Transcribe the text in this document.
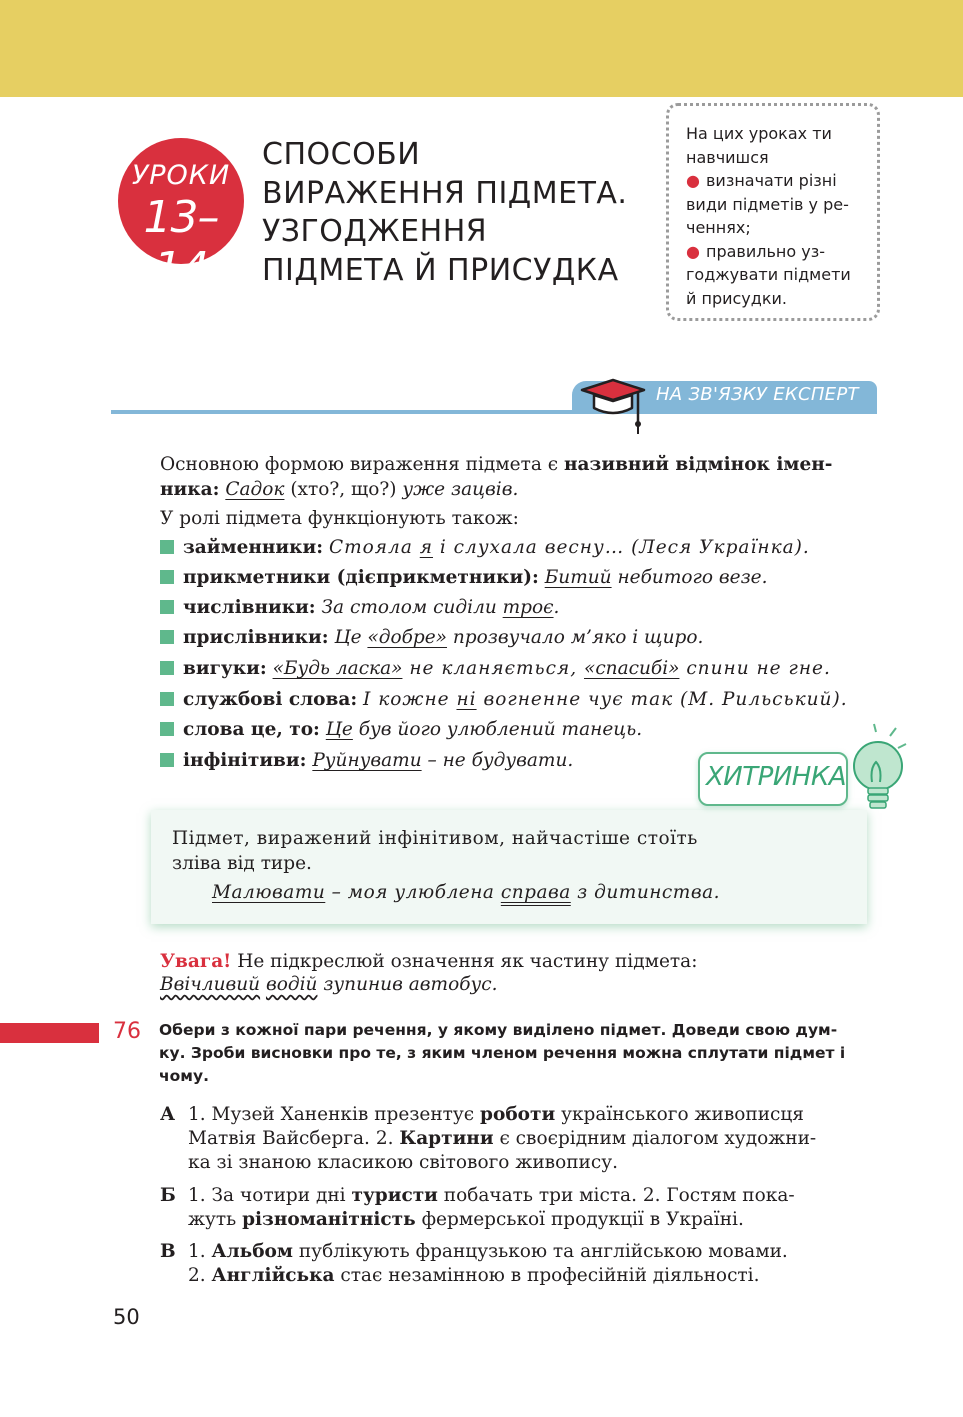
УРОКИ
13–14
СПОСОБИ
ВИРАЖЕННЯ ПІДМЕТА.
УЗГОДЖЕННЯ
ПІДМЕТА Й ПРИСУДКА
На цих уроках ти
навчишся
● визначати різні
види підметів у ре-
ченнях;
● правильно уз-
годжувати підмети
й присудки.
НА ЗВ'ЯЗКУ ЕКСПЕРТ
Основною формою вираження підмета є називний відмінок імен-
ника: Садок (хто?, що?) уже зацвів.
У ролі підмета функціонують також:
займенники: Стояла я і слухала весну… (Леся Українка).
прикметники (дієприкметники): Битий небитого везе.
числівники: За столом сиділи троє.
прислівники: Це «добре» прозвучало м’яко і щиро.
вигуки: «Будь ласка» не кланяється, «спасибі» спини не гне.
службові слова: І кожне ні вогненне чує так (М. Рильський).
слова це, то: Це був його улюблений танець.
інфінітиви: Руйнувати – не будувати.
Підмет, виражений інфінітивом, найчастіше стоїть
зліва від тире.
Малювати – моя улюблена справа з дитинства.
ХИТРИНКА
Увага! Не підкреслюй означення як частину підмета:
Ввічливий водій зупинив автобус.
76 Обери з кожної пари речення, у якому виділено підмет. Доведи свою дум-
ку. Зроби висновки про те, з яким членом речення можна сплутати підмет і
чому.
А 1. Музей Ханенків презентує роботи українського живописця
Матвія Вайсберга. 2. Картини є своєрідним діалогом художни-
ка зі знаною класикою світового живопису.
Б 1. За чотири дні туристи побачать три міста. 2. Гостям пока-
жуть різноманітність фермерської продукції в Україні.
В 1. Альбом публікують французькою та англійською мовами.
2. Англійська стає незамінною в професійній діяльності.
50
